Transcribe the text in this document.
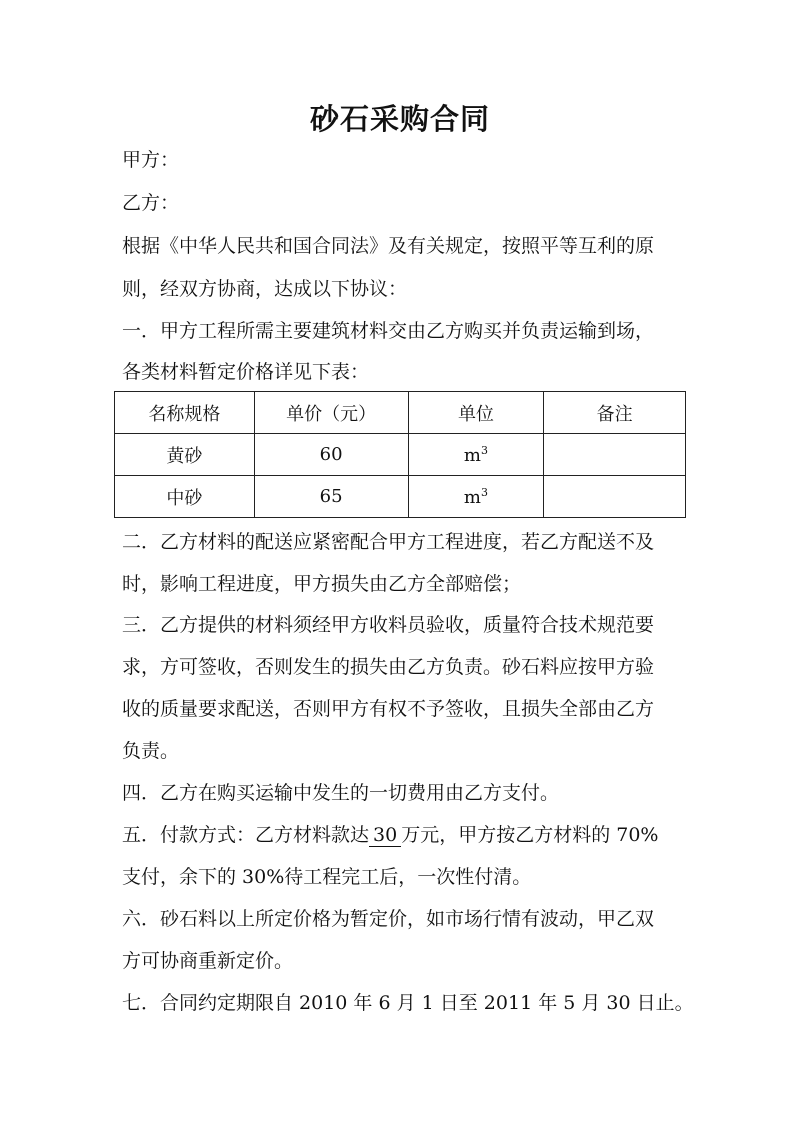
砂石采购合同
甲方：
乙方：
根据《中华人民共和国合同法》及有关规定，按照平等互利的原
则，经双方协商，达成以下协议：
一．甲方工程所需主要建筑材料交由乙方购买并负责运输到场，
各类材料暂定价格详见下表：
名称规格	单价（元）	单位	备注
黄砂	60	$m^3$	
中砂	65	$m^3$	
二．乙方材料的配送应紧密配合甲方工程进度，若乙方配送不及
时，影响工程进度，甲方损失由乙方全部赔偿；
三．乙方提供的材料须经甲方收料员验收，质量符合技术规范要
求，方可签收，否则发生的损失由乙方负责。砂石料应按甲方验
收的质量要求配送，否则甲方有权不予签收，且损失全部由乙方
负责。
四．乙方在购买运输中发生的一切费用由乙方支付。
五．付款方式：乙方材料款达 30 万元，甲方按乙方材料的 70%
支付，余下的 30%待工程完工后，一次性付清。
六．砂石料以上所定价格为暂定价，如市场行情有波动，甲乙双
方可协商重新定价。
七．合同约定期限自 2010 年 6 月 1 日至 2011 年 5 月 30 日止。
